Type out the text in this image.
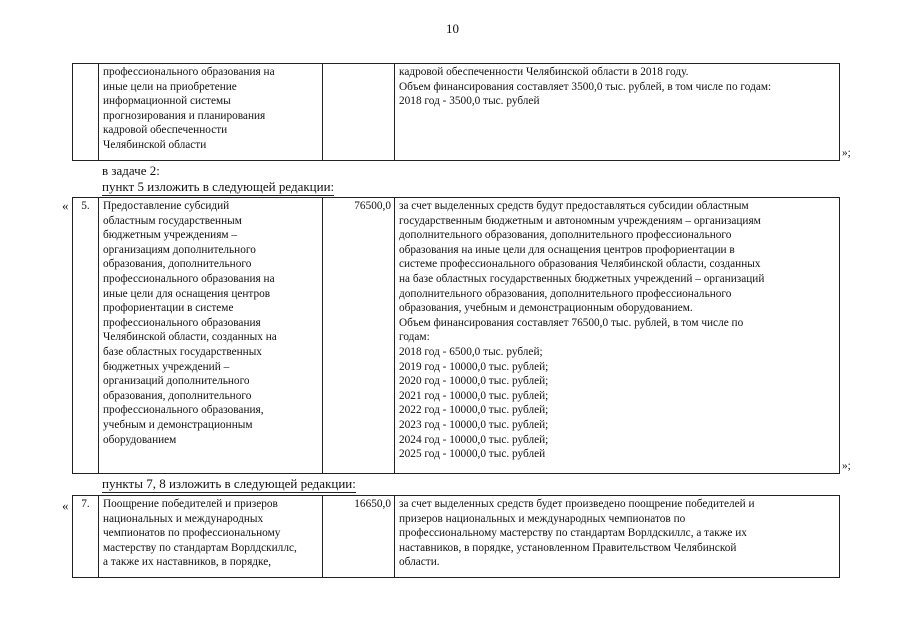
10

профессионального образования на
иные цели на приобретение
информационной системы
прогнозирования и планирования
кадровой обеспеченности
Челябинской области

кадровой обеспеченности Челябинской области в 2018 году.
Объем финансирования составляет 3500,0 тыс. рублей, в том числе по годам:
2018 год - 3500,0 тыс. рублей
	»;
в задаче 2:
пункт 5 изложить в следующей редакции:
« 5.	Предоставление субсидий
областным государственным
бюджетным учреждениям –
организациям дополнительного
образования, дополнительного
профессионального образования на
иные цели для оснащения центров
профориентации в системе
профессионального образования
Челябинской области, созданных на
базе областных государственных
бюджетных учреждений –
организаций дополнительного
образования, дополнительного
профессионального образования,
учебным и демонстрационным
оборудованием
	76500,0	за счет выделенных средств будут предоставляться субсидии областным
государственным бюджетным и автономным учреждениям – организациям
дополнительного образования, дополнительного профессионального
образования на иные цели для оснащения центров профориентации в
системе профессионального образования Челябинской области, созданных
на базе областных государственных бюджетных учреждений – организаций
дополнительного образования, дополнительного профессионального
образования, учебным и демонстрационным оборудованием.
Объем финансирования составляет 76500,0 тыс. рублей, в том числе по
годам:
2018 год - 6500,0 тыс. рублей;
2019 год - 10000,0 тыс. рублей;
2020 год - 10000,0 тыс. рублей;
2021 год - 10000,0 тыс. рублей;
2022 год - 10000,0 тыс. рублей;
2023 год - 10000,0 тыс. рублей;
2024 год - 10000,0 тыс. рублей;
2025 год - 10000,0 тыс. рублей
	»;
пункты 7, 8 изложить в следующей редакции:
« 7.	Поощрение победителей и призеров
национальных и международных
чемпионатов по профессиональному
мастерству по стандартам Ворлдскиллс,
а также их наставников, в порядке,
	16650,0	за счет выделенных средств будет произведено поощрение победителей и
призеров национальных и международных чемпионатов по
профессиональному мастерству по стандартам Ворлдскиллс, а также их
наставников, в порядке, установленном Правительством Челябинской
области.
